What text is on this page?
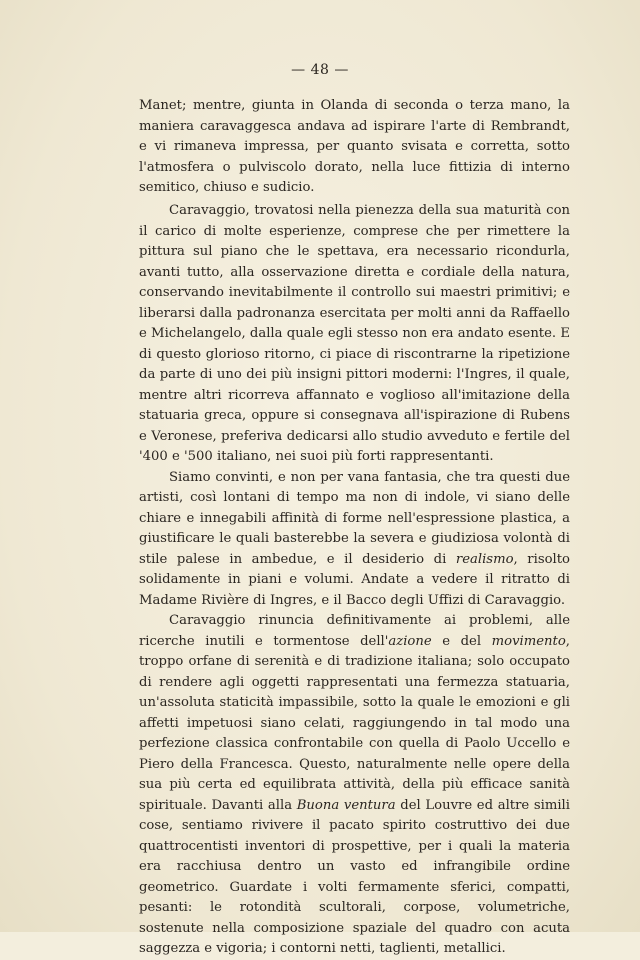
— 48 —

Manet; mentre, giunta in Olanda di seconda o terza mano, la maniera caravaggesca andava ad ispirare l'arte di Rembrandt, e vi rimaneva impressa, per quanto svisata e corretta, sotto l'atmosfera o pulviscolo dorato, nella luce fittizia di interno semitico, chiuso e sudicio.

Caravaggio, trovatosi nella pienezza della sua maturità con il carico di molte esperienze, comprese che per rimettere la pittura sul piano che le spettava, era necessario ricondurla, avanti tutto, alla osservazione diretta e cordiale della natura, conservando inevitabilmente il controllo sui maestri primitivi; e liberarsi dalla padronanza esercitata per molti anni da Raffaello e Michelangelo, dalla quale egli stesso non era andato esente. E di questo glorioso ritorno, ci piace di riscontrarne la ripetizione da parte di uno dei più insigni pittori moderni: l'Ingres, il quale, mentre altri ricorreva affannato e voglioso all'imitazione della statuaria greca, oppure si consegnava all'ispirazione di Rubens e Veronese, preferiva dedicarsi allo studio avveduto e fertile del '400 e '500 italiano, nei suoi più forti rappresentanti.

Siamo convinti, e non per vana fantasia, che tra questi due artisti, così lontani di tempo ma non di indole, vi siano delle chiare e innegabili affinità di forme nell'espressione plastica, a giustificare le quali basterebbe la severa e giudiziosa volontà di stile palese in ambedue, e il desiderio di realismo, risolto solidamente in piani e volumi. Andate a vedere il ritratto di Madame Rivière di Ingres, e il Bacco degli Uffizi di Caravaggio.

Caravaggio rinuncia definitivamente ai problemi, alle ricerche inutili e tormentose dell'azione e del movimento, troppo orfane di serenità e di tradizione italiana; solo occupato di rendere agli oggetti rappresentati una fermezza statuaria, un'assoluta staticità impassibile, sotto la quale le emozioni e gli affetti impetuosi siano celati, raggiungendo in tal modo una perfezione classica confrontabile con quella di Paolo Uccello e Piero della Francesca. Questo, naturalmente nelle opere della sua più certa ed equilibrata attività, della più efficace sanità spirituale. Davanti alla Buona ventura del Louvre ed altre simili cose, sentiamo rivivere il pacato spirito costruttivo dei due quattrocentisti inventori di prospettive, per i quali la materia era racchiusa dentro un vasto ed infrangibile ordine geometrico. Guardate i volti fermamente sferici, compatti, pesanti: le rotondità scultorali, corpose, volumetriche, sostenute nella composizione spaziale del quadro con acuta saggezza e vigoria; i contorni netti, taglienti, metallici.
